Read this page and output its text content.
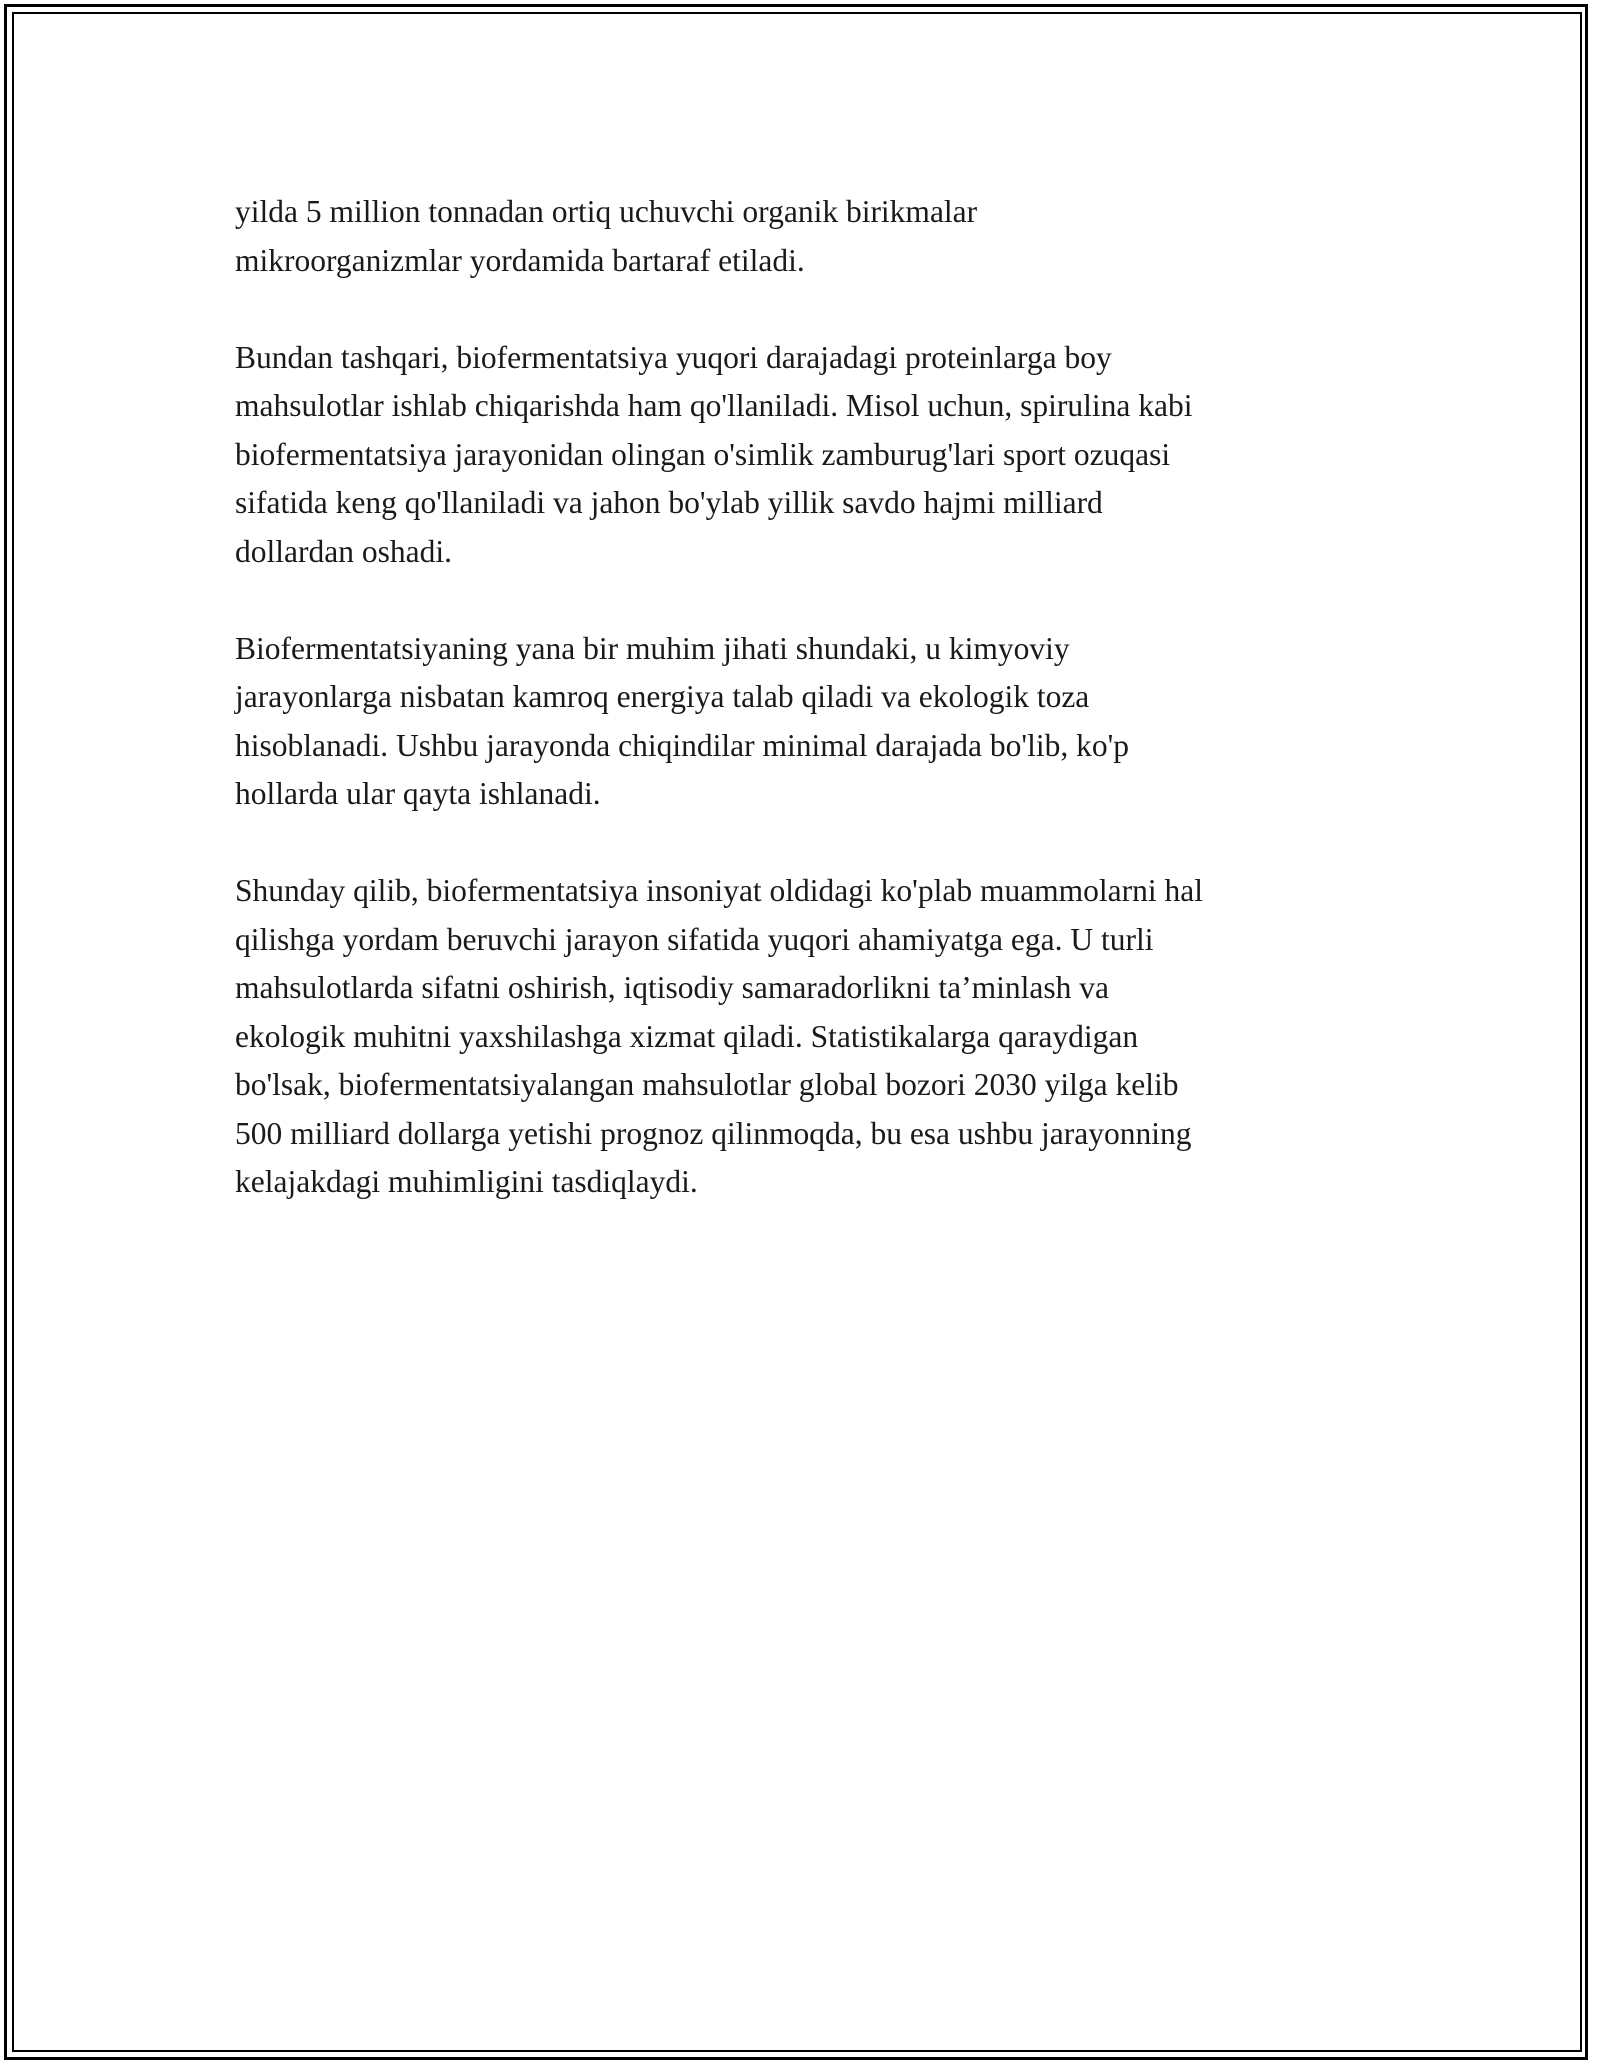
yilda 5 million tonnadan ortiq uchuvchi organik birikmalar
mikroorganizmlar yordamida bartaraf etiladi.

Bundan tashqari, biofermentatsiya yuqori darajadagi proteinlarga boy
mahsulotlar ishlab chiqarishda ham qo'llaniladi. Misol uchun, spirulina kabi
biofermentatsiya jarayonidan olingan o'simlik zamburug'lari sport ozuqasi
sifatida keng qo'llaniladi va jahon bo'ylab yillik savdo hajmi milliard
dollardan oshadi.

Biofermentatsiyaning yana bir muhim jihati shundaki, u kimyoviy
jarayonlarga nisbatan kamroq energiya talab qiladi va ekologik toza
hisoblanadi. Ushbu jarayonda chiqindilar minimal darajada bo'lib, ko'p
hollarda ular qayta ishlanadi.

Shunday qilib, biofermentatsiya insoniyat oldidagi ko'plab muammolarni hal
qilishga yordam beruvchi jarayon sifatida yuqori ahamiyatga ega. U turli
mahsulotlarda sifatni oshirish, iqtisodiy samaradorlikni ta’minlash va
ekologik muhitni yaxshilashga xizmat qiladi. Statistikalarga qaraydigan
bo'lsak, biofermentatsiyalangan mahsulotlar global bozori 2030 yilga kelib
500 milliard dollarga yetishi prognoz qilinmoqda, bu esa ushbu jarayonning
kelajakdagi muhimligini tasdiqlaydi.
